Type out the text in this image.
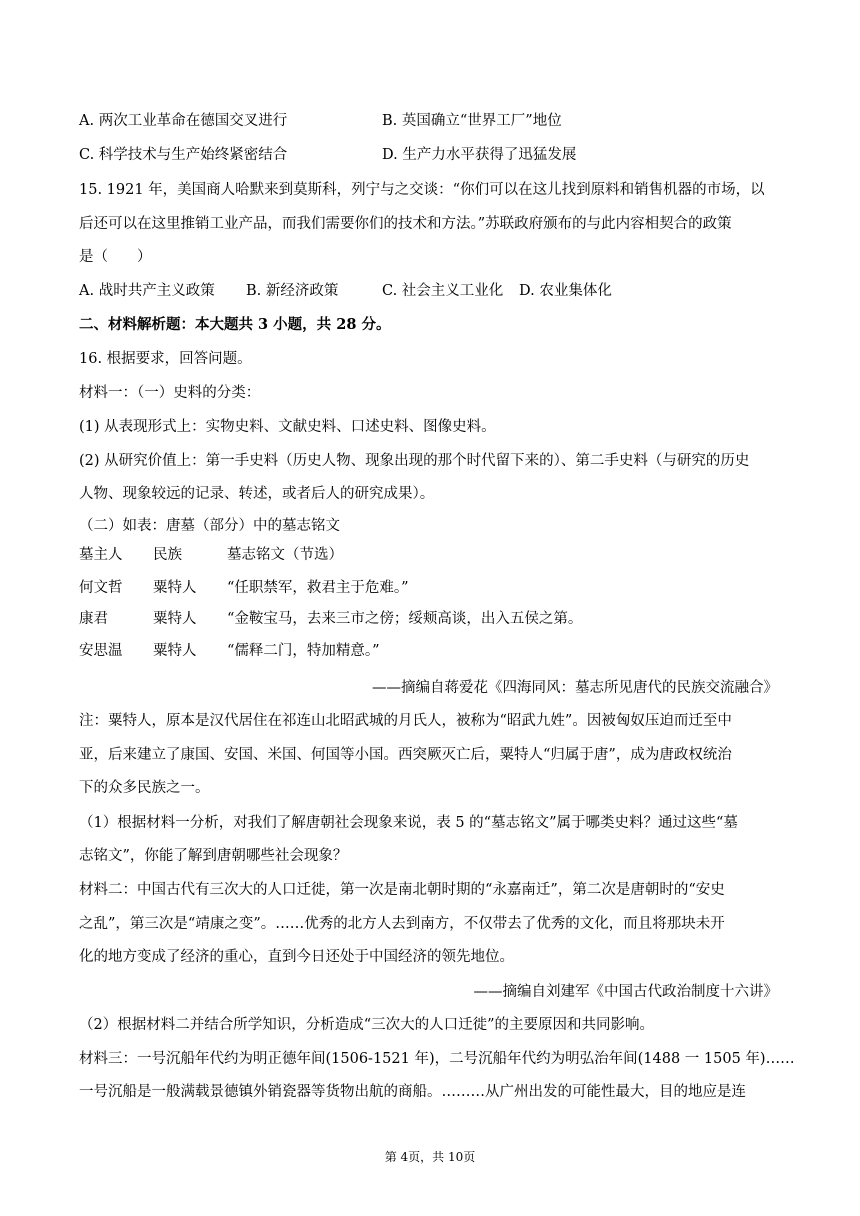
A. 两次工业革命在德国交叉进行	B. 英国确立“世界工厂”地位
C. 科学技术与生产始终紧密结合	D. 生产力水平获得了迅猛发展
15. 1921 年，美国商人哈默来到莫斯科，列宁与之交谈：“你们可以在这儿找到原料和销售机器的市场，以
后还可以在这里推销工业产品，而我们需要你们的技术和方法。”苏联政府颁布的与此内容相契合的政策
是（　　）
A. 战时共产主义政策 B. 新经济政策	C. 社会主义工业化 D. 农业集体化
二、材料解析题：本大题共 3 小题，共 28 分。
16. 根据要求，回答问题。
材料一：（一）史料的分类：
(1) 从表现形式上：实物史料、文献史料、口述史料、图像史料。
(2) 从研究价值上：第一手史料（历史人物、现象出现的那个时代留下来的）、第二手史料（与研究的历史
人物、现象较远的记录、转述，或者后人的研究成果）。
（二）如表：唐墓（部分）中的墓志铭文
墓主人 民族	墓志铭文（节选）
何文哲 粟特人 “任职禁军，救君主于危难。”
康君	粟特人 “金鞍宝马，去来三市之傍；绥颊高谈，出入五侯之第。
安思温 粟特人 “儒释二门，特加精意。”
——摘编自蒋爱花《四海同风：墓志所见唐代的民族交流融合》
注：粟特人，原本是汉代居住在祁连山北昭武城的月氏人，被称为“昭武九姓”。因被匈奴压迫而迁至中
亚，后来建立了康国、安国、米国、何国等小国。西突厥灭亡后，粟特人“归属于唐”，成为唐政权统治
下的众多民族之一。
（1）根据材料一分析，对我们了解唐朝社会现象来说，表 5 的“墓志铭文”属于哪类史料？通过这些“墓
志铭文”，你能了解到唐朝哪些社会现象？
材料二：中国古代有三次大的人口迁徙，第一次是南北朝时期的“永嘉南迁”，第二次是唐朝时的“安史
之乱”，第三次是“靖康之变”。……优秀的北方人去到南方，不仅带去了优秀的文化，而且将那块未开
化的地方变成了经济的重心，直到今日还处于中国经济的领先地位。
——摘编自刘建军《中国古代政治制度十六讲》
（2）根据材料二并结合所学知识，分析造成“三次大的人口迁徙”的主要原因和共同影响。
材料三：一号沉船年代约为明正德年间(1506-1521 年)，二号沉船年代约为明弘治年间(1488 一 1505 年)……
一号沉船是一般满载景德镇外销瓷器等货物出航的商船。………从广州出发的可能性最大，目的地应是连
第 4页，共 10页
